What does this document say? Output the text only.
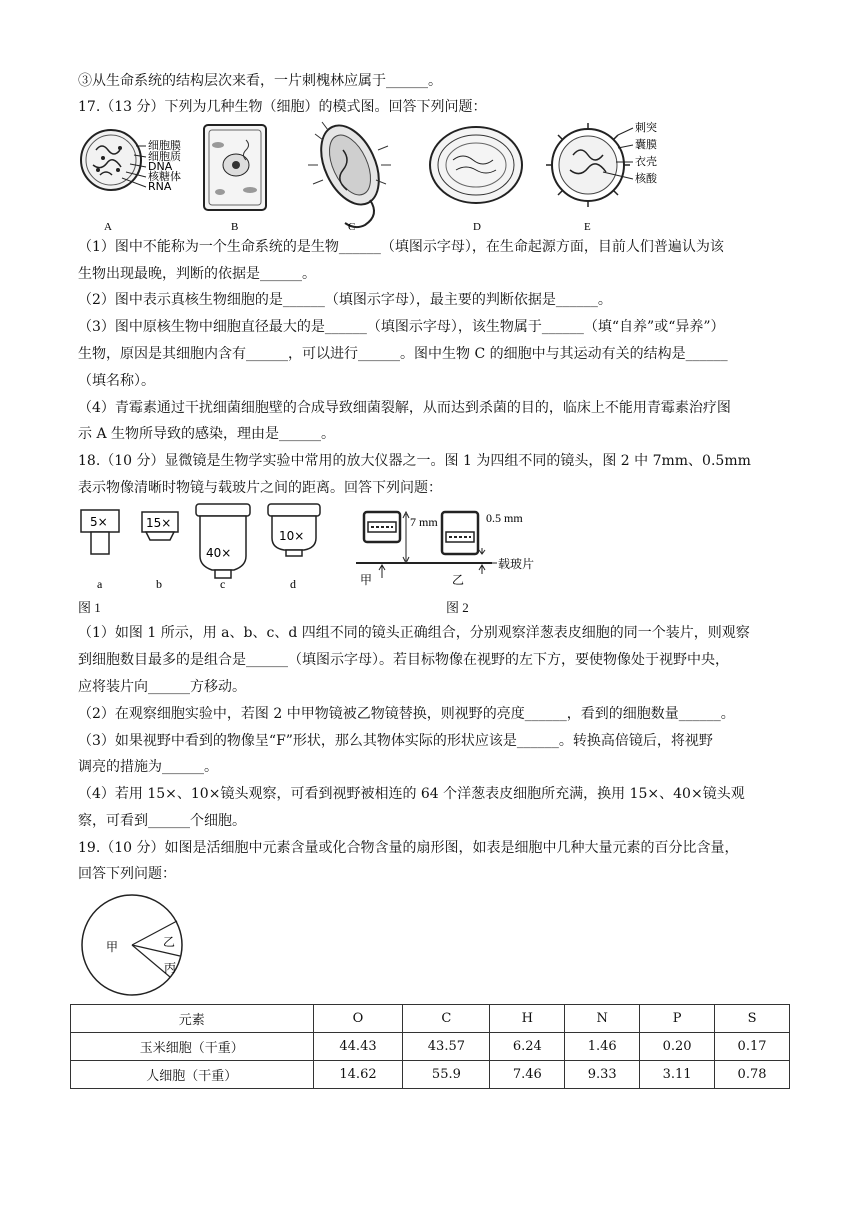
③从生命系统的结构层次来看，一片刺槐林应属于______。
17.（13 分）下列为几种生物（细胞）的模式图。回答下列问题：
细胞膜
细胞质
DNA
核糖体
RNA
刺突
囊膜
衣壳
核酸
A	B	C	D	E
（1）图中不能称为一个生命系统的是生物______（填图示字母），在生命起源方面，目前人们普遍认为该
生物出现最晚，判断的依据是______。
（2）图中表示真核生物细胞的是______（填图示字母），最主要的判断依据是______。
（3）图中原核生物中细胞直径最大的是______（填图示字母），该生物属于______（填“自养”或“异养”）
生物，原因是其细胞内含有______，可以进行______。图中生物 C 的细胞中与其运动有关的结构是______
（填名称）。
（4）青霉素通过干扰细菌细胞壁的合成导致细菌裂解，从而达到杀菌的目的，临床上不能用青霉素治疗图
示 A 生物所导致的感染，理由是______。
18.（10 分）显微镜是生物学实验中常用的放大仪器之一。图 1 为四组不同的镜头，图 2 中 7mm、0.5mm
表示物像清晰时物镜与载玻片之间的距离。回答下列问题：
5×	15×
40×
10×
a	b	c	d
7 mm	0.5 mm
载玻片
甲	乙
图 1	图 2
（1）如图 1 所示，用 a、b、c、d 四组不同的镜头正确组合，分别观察洋葱表皮细胞的同一个装片，则观察
到细胞数目最多的是组合是______（填图示字母）。若目标物像在视野的左下方，要使物像处于视野中央，
应将装片向______方移动。
（2）在观察细胞实验中，若图 2 中甲物镜被乙物镜替换，则视野的亮度______，看到的细胞数量______。
（3）如果视野中看到的物像呈“F”形状，那么其物体实际的形状应该是______。转换高倍镜后，将视野
调亮的措施为______。
（4）若用 15×、10×镜头观察，可看到视野被相连的 64 个洋葱表皮细胞所充满，换用 15×、40×镜头观
察，可看到______个细胞。
19.（10 分）如图是活细胞中元素含量或化合物含量的扇形图，如表是细胞中几种大量元素的百分比含量，
回答下列问题：
甲	乙
丙
元素	O	C	H	N	P	S
玉米细胞（干重）	44.43	43.57	6.24	1.46	0.20	0.17
人细胞（干重）	14.62	55.9	7.46	9.33	3.11	0.78
